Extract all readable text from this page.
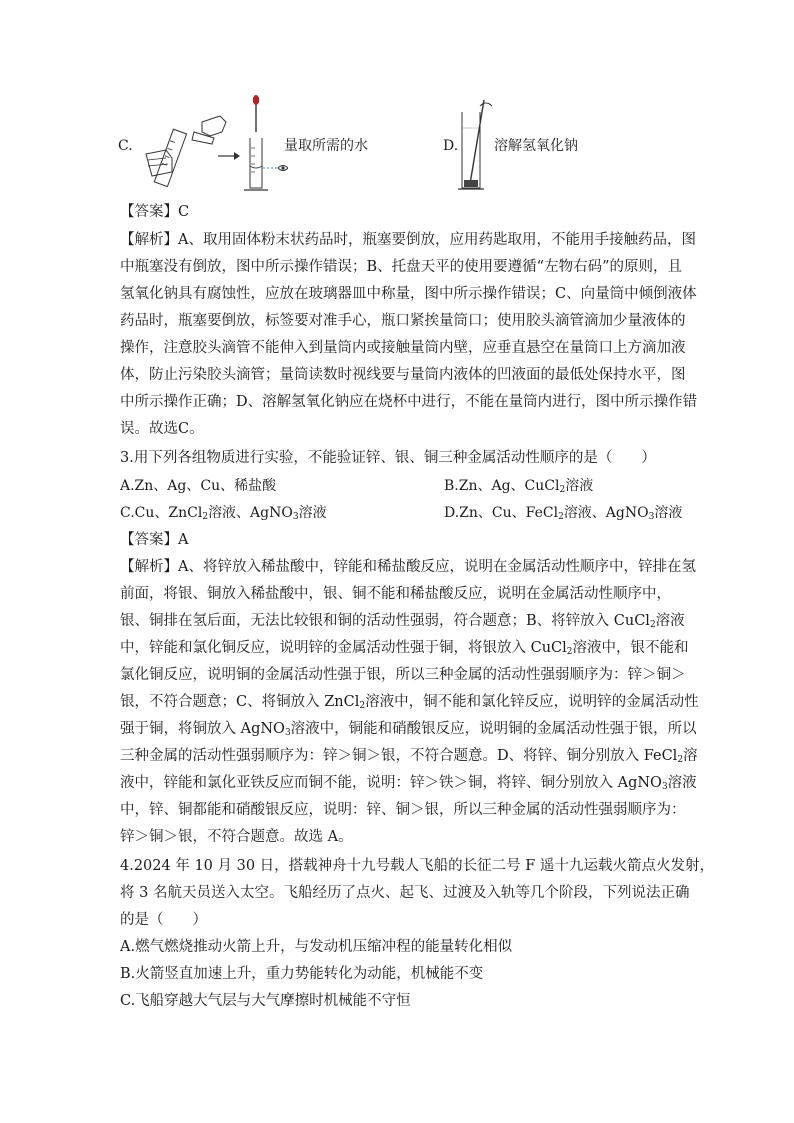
C.	量取所需的水	D.	溶解氢氧化钠
【答案】C
【解析】A、取用固体粉末状药品时，瓶塞要倒放，应用药匙取用，不能用手接触药品，图
中瓶塞没有倒放，图中所示操作错误；B、托盘天平的使用要遵循“左物右码”的原则，且
氢氧化钠具有腐蚀性，应放在玻璃器皿中称量，图中所示操作错误；C、向量筒中倾倒液体
药品时，瓶塞要倒放，标签要对准手心，瓶口紧挨量筒口；使用胶头滴管滴加少量液体的
操作，注意胶头滴管不能伸入到量筒内或接触量筒内壁，应垂直悬空在量筒口上方滴加液
体，防止污染胶头滴管；量筒读数时视线要与量筒内液体的凹液面的最低处保持水平，图
中所示操作正确；D、溶解氢氧化钠应在烧杯中进行，不能在量筒内进行，图中所示操作错
误。故选C。
3.用下列各组物质进行实验，不能验证锌、银、铜三种金属活动性顺序的是（　　）
A.Zn、Ag、Cu、稀盐酸	B.Zn、Ag、CuCl$_2$溶液
C.Cu、ZnCl$_2$溶液、AgNO$_3$溶液	D.Zn、Cu、FeCl$_2$溶液、AgNO$_3$溶液
【答案】A
【解析】A、将锌放入稀盐酸中，锌能和稀盐酸反应，说明在金属活动性顺序中，锌排在氢
前面，将银、铜放入稀盐酸中，银、铜不能和稀盐酸反应，说明在金属活动性顺序中，
银、铜排在氢后面，无法比较银和铜的活动性强弱，符合题意；B、将锌放入 CuCl$_2$溶液
中，锌能和氯化铜反应，说明锌的金属活动性强于铜，将银放入 CuCl$_2$溶液中，银不能和
氯化铜反应，说明铜的金属活动性强于银，所以三种金属的活动性强弱顺序为：锌＞铜＞
银，不符合题意；C、将铜放入 ZnCl$_2$溶液中，铜不能和氯化锌反应，说明锌的金属活动性
强于铜，将铜放入 AgNO$_3$溶液中，铜能和硝酸银反应，说明铜的金属活动性强于银，所以
三种金属的活动性强弱顺序为：锌＞铜＞银，不符合题意。D、将锌、铜分别放入 FeCl$_2$溶
液中，锌能和氯化亚铁反应而铜不能，说明：锌＞铁＞铜，将锌、铜分别放入 AgNO$_3$溶液
中，锌、铜都能和硝酸银反应，说明：锌、铜＞银，所以三种金属的活动性强弱顺序为：
锌＞铜＞银，不符合题意。故选 A。
4.2024 年 10 月 30 日，搭载神舟十九号载人飞船的长征二号 F 遥十九运载火箭点火发射，
将 3 名航天员送入太空。飞船经历了点火、起飞、过渡及入轨等几个阶段，下列说法正确
的是（　　）
A.燃气燃烧推动火箭上升，与发动机压缩冲程的能量转化相似
B.火箭竖直加速上升，重力势能转化为动能，机械能不变
C.飞船穿越大气层与大气摩擦时机械能不守恒
